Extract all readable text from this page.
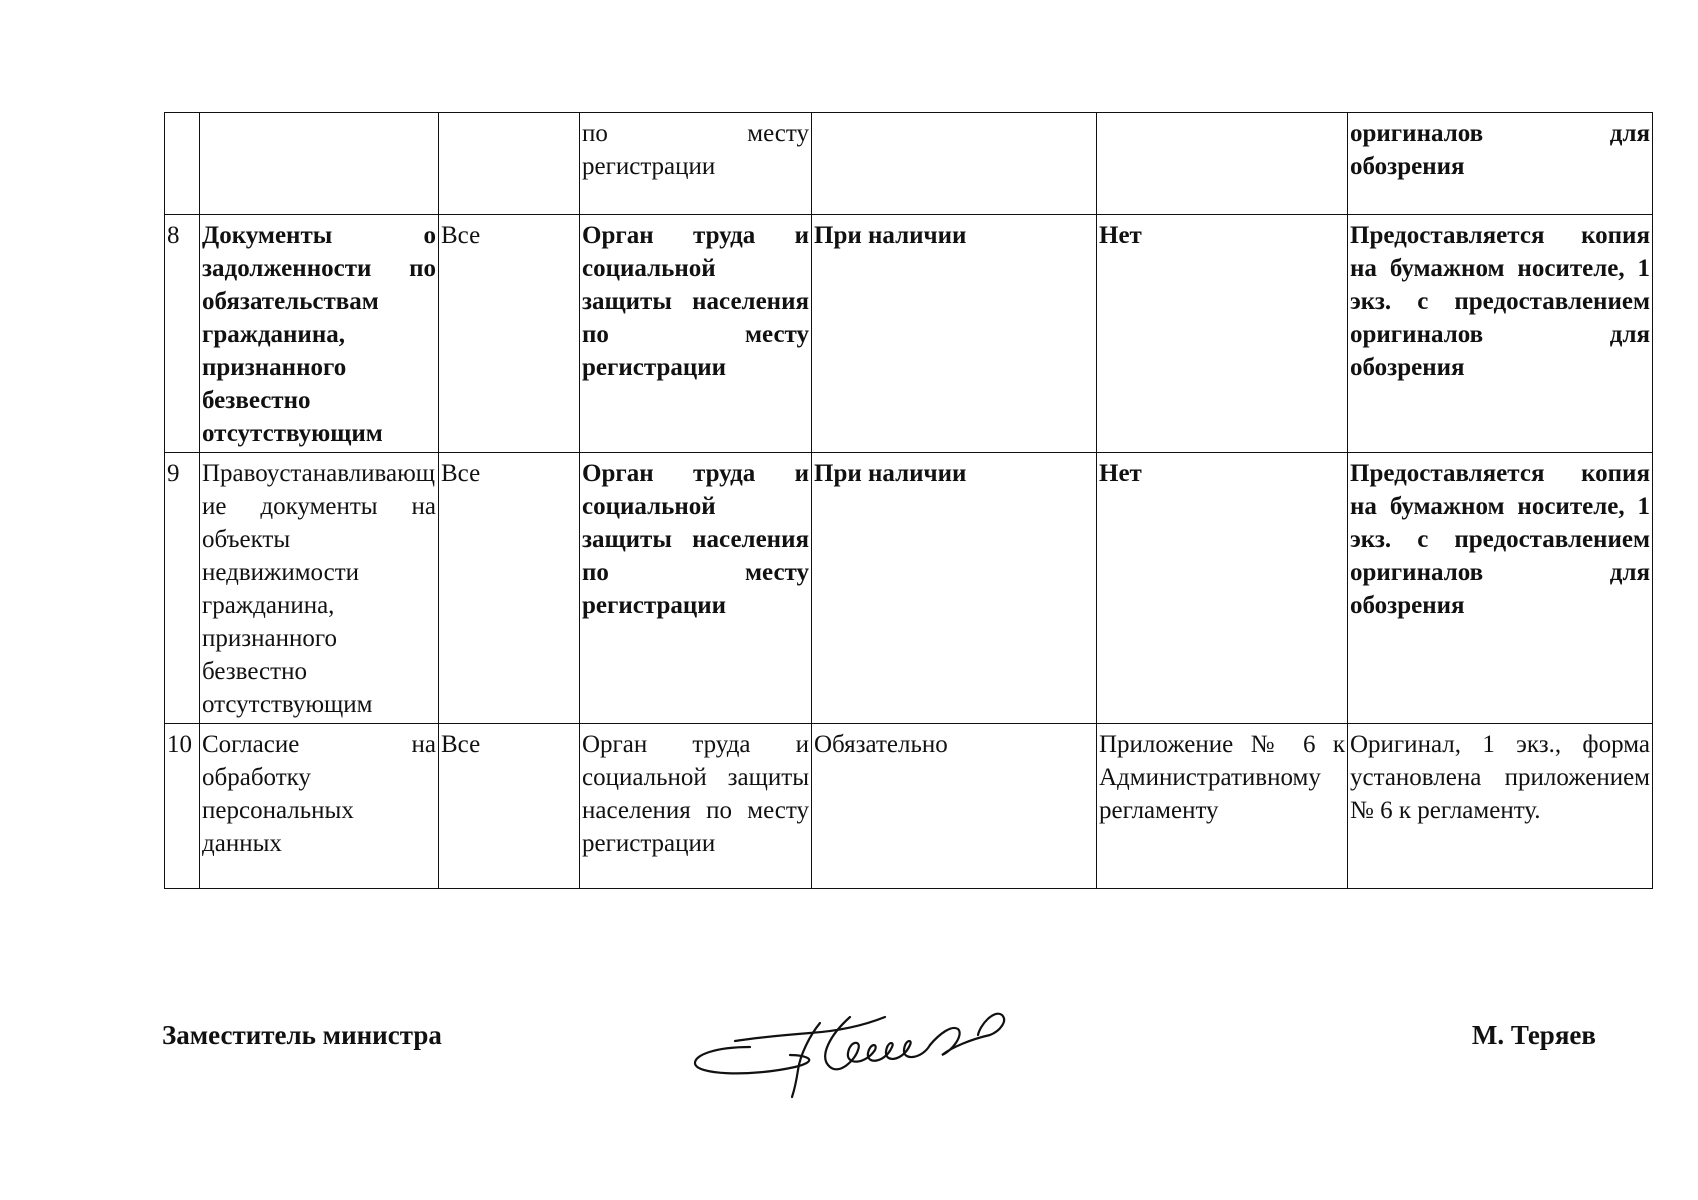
			по месту регистрации			оригиналов для обозрения
8	Документы о задолженности по обязательствам гражданина, признанного безвестно отсутствующим	Все	Орган труда и социальной защиты населения по месту регистрации	При наличии	Нет	Предоставляется копия на бумажном носителе, 1 экз. с предоставлением оригиналов для обозрения
9	Правоустанавливающие документы на объекты недвижимости гражданина, признанного безвестно отсутствующим	Все	Орган труда и социальной защиты населения по месту регистрации	При наличии	Нет	Предоставляется копия на бумажном носителе, 1 экз. с предоставлением оригиналов для обозрения
10	Согласие на обработку персональных данных	Все	Орган труда и социальной защиты населения по месту регистрации	Обязательно	Приложение № 6 к Административному регламенту	Оригинал, 1 экз., форма установлена приложением № 6 к регламенту.
Заместитель министра	М. Теряев
